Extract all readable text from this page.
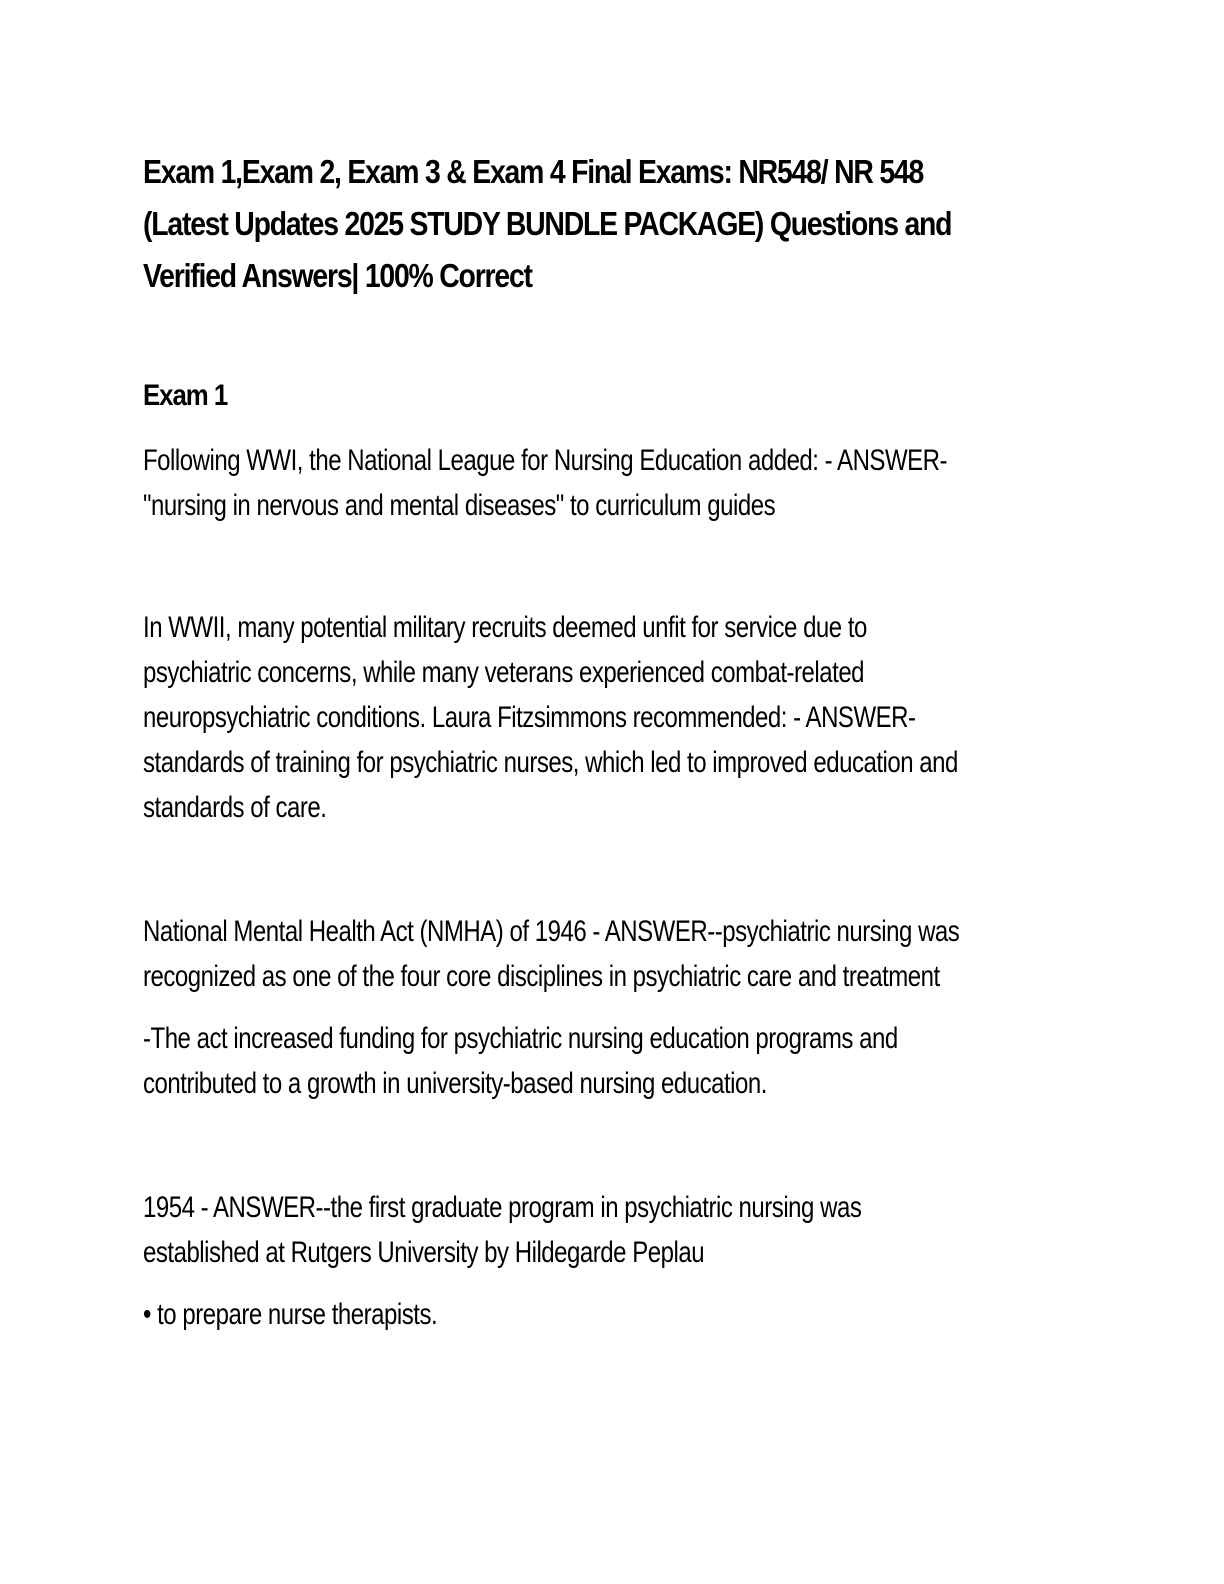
Exam 1,Exam 2, Exam 3 & Exam 4 Final Exams: NR548/ NR 548
(Latest Updates 2025 STUDY BUNDLE PACKAGE) Questions and
Verified Answers| 100% Correct
Exam 1

Following WWI, the National League for Nursing Education added: - ANSWER-
"nursing in nervous and mental diseases" to curriculum guides

In WWII, many potential military recruits deemed unfit for service due to
psychiatric concerns, while many veterans experienced combat-related
neuropsychiatric conditions. Laura Fitzsimmons recommended: - ANSWER-
standards of training for psychiatric nurses, which led to improved education and
standards of care.

National Mental Health Act (NMHA) of 1946 - ANSWER--psychiatric nursing was
recognized as one of the four core disciplines in psychiatric care and treatment

-The act increased funding for psychiatric nursing education programs and
contributed to a growth in university-based nursing education.

1954 - ANSWER--the first graduate program in psychiatric nursing was
established at Rutgers University by Hildegarde Peplau

• to prepare nurse therapists.
